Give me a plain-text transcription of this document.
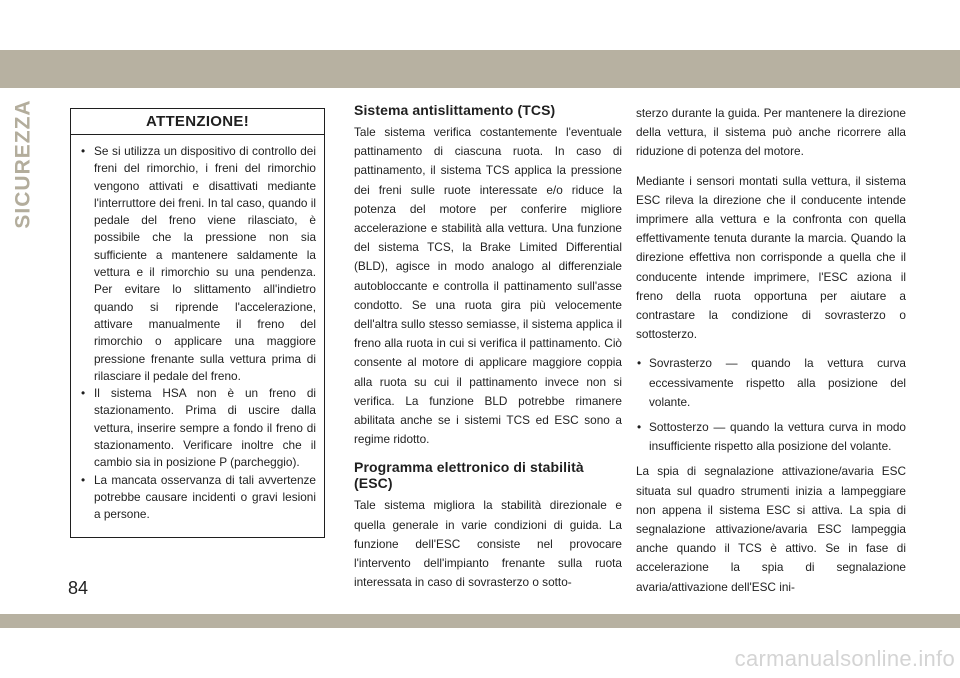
SICUREZZA	ATTENZIONE!
• Se si utilizza un dispositivo di controllo dei freni del rimorchio, i freni del rimorchio vengono attivati e disattivati mediante l'interruttore dei freni. In tal caso, quando il pedale del freno viene rilasciato, è possibile che la pressione non sia sufficiente a mantenere saldamente la vettura e il rimorchio su una pendenza. Per evitare lo slittamento all'indietro quando si riprende l'accelerazione, attivare manualmente il freno del rimorchio o applicare una maggiore pressione frenante sulla vettura prima di rilasciare il pedale del freno.
• Il sistema HSA non è un freno di stazionamento. Prima di uscire dalla vettura, inserire sempre a fondo il freno di stazionamento. Verificare inoltre che il cambio sia in posizione P (parcheggio).
• La mancata osservanza di tali avvertenze potrebbe causare incidenti o gravi lesioni a persone.
Sistema antislittamento (TCS)

Tale sistema verifica costantemente l'eventuale pattinamento di ciascuna ruota. In caso di pattinamento, il sistema TCS applica la pressione dei freni sulle ruote interessate e/o riduce la potenza del motore per conferire migliore accelerazione e stabilità alla vettura. Una funzione del sistema TCS, la Brake Limited Differential (BLD), agisce in modo analogo al differenziale autobloccante e controlla il pattinamento sull'asse condotto. Se una ruota gira più velocemente dell'altra sullo stesso semiasse, il sistema applica il freno alla ruota in cui si verifica il pattinamento. Ciò consente al motore di applicare maggiore coppia alla ruota su cui il pattinamento invece non si verifica. La funzione BLD potrebbe rimanere abilitata anche se i sistemi TCS ed ESC sono a regime ridotto.

Programma elettronico di stabilità (ESC)

Tale sistema migliora la stabilità direzionale e quella generale in varie condizioni di guida. La funzione dell'ESC consiste nel provocare l'intervento dell'impianto frenante sulla ruota interessata in caso di sovrasterzo o sotto-

sterzo durante la guida. Per mantenere la direzione della vettura, il sistema può anche ricorrere alla riduzione di potenza del motore.

Mediante i sensori montati sulla vettura, il sistema ESC rileva la direzione che il conducente intende imprimere alla vettura e la confronta con quella effettivamente tenuta durante la marcia. Quando la direzione effettiva non corrisponde a quella che il conducente intende imprimere, l'ESC aziona il freno della ruota opportuna per aiutare a contrastare la condizione di sovrasterzo o sottosterzo.

• Sovrasterzo — quando la vettura curva eccessivamente rispetto alla posizione del volante.
• Sottosterzo — quando la vettura curva in modo insufficiente rispetto alla posizione del volante.

La spia di segnalazione attivazione/avaria ESC situata sul quadro strumenti inizia a lampeggiare non appena il sistema ESC si attiva. La spia di segnalazione attivazione/avaria ESC lampeggia anche quando il TCS è attivo. Se in fase di accelerazione la spia di segnalazione avaria/attivazione dell'ESC ini-

84
carmanualsonline.info
